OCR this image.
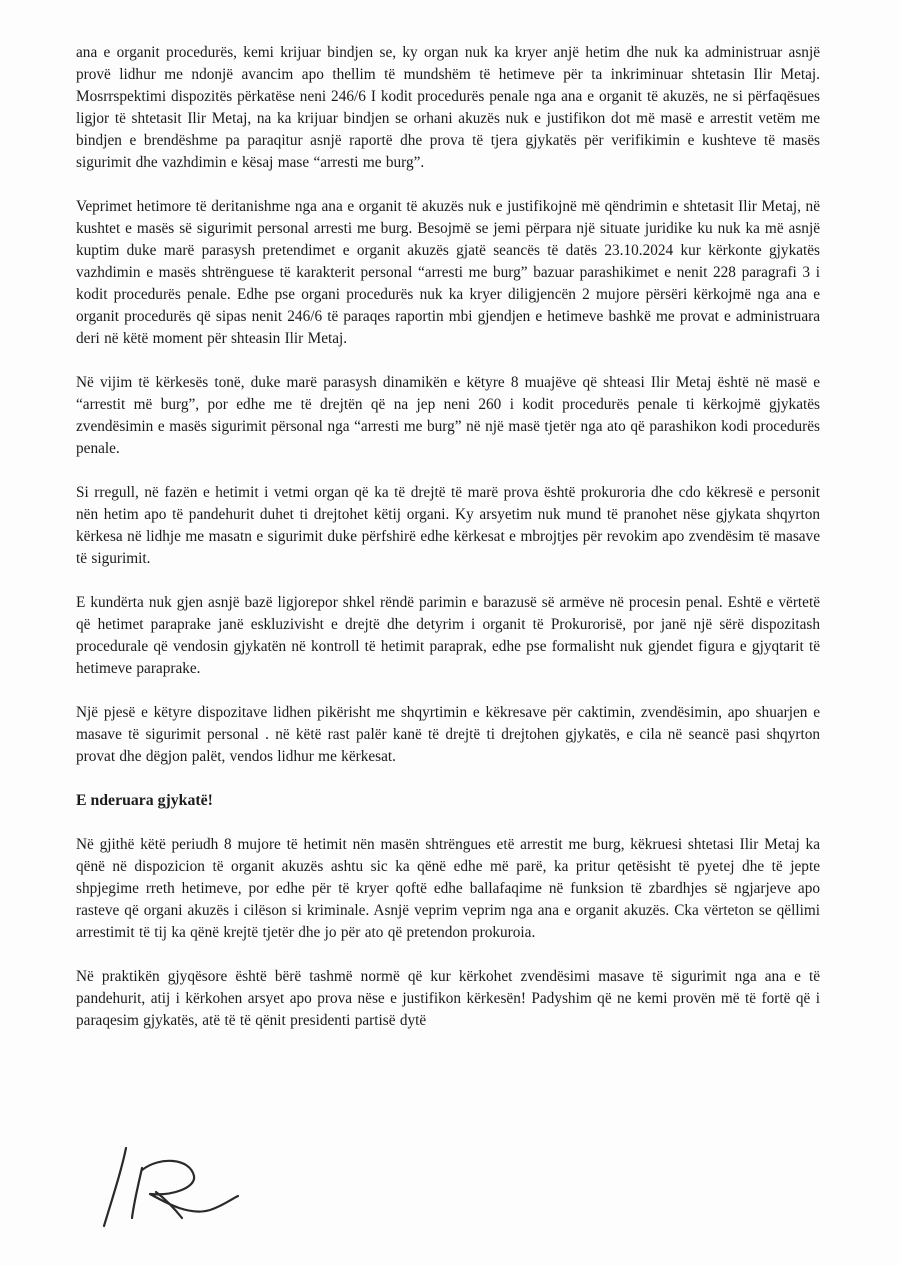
ana e organit procedurës, kemi krijuar bindjen se, ky organ nuk ka kryer anjë hetim dhe nuk ka administruar asnjë provë lidhur me ndonjë avancim apo thellim të mundshëm të hetimeve për ta inkriminuar shtetasin Ilir Metaj. Mosrrspektimi dispozitës përkatëse neni 246/6 I kodit procedurës penale nga ana e organit të akuzës, ne si përfaqësues ligjor të shtetasit Ilir Metaj, na ka krijuar bindjen se orhani akuzës nuk e justifikon dot më masë e arrestit vetëm me bindjen e brendëshme pa paraqitur asnjë raportë dhe prova të tjera gjykatës për verifikimin e kushteve të masës sigurimit dhe vazhdimin e kësaj mase “arresti me burg”.

Veprimet hetimore të deritanishme nga ana e organit të akuzës nuk e justifikojnë më qëndrimin e shtetasit Ilir Metaj, në kushtet e masës së sigurimit personal arresti me burg. Besojmë se jemi përpara një situate juridike ku nuk ka më asnjë kuptim duke marë parasysh pretendimet e organit akuzës gjatë seancës të datës 23.10.2024 kur kërkonte gjykatës vazhdimin e masës shtrënguese të karakterit personal “arresti me burg” bazuar parashikimet e nenit 228 paragrafi 3 i kodit procedurës penale. Edhe pse organi procedurës nuk ka kryer diligjencën 2 mujore përsëri kërkojmë nga ana e organit procedurës që sipas nenit 246/6 të paraqes raportin mbi gjendjen e hetimeve bashkë me provat e administruara deri në këtë moment për shteasin Ilir Metaj.

Në vijim të kërkesës tonë, duke marë parasysh dinamikën e këtyre 8 muajëve që shteasi Ilir Metaj është në masë e “arrestit më burg”, por edhe me të drejtën që na jep neni 260 i kodit procedurës penale ti kërkojmë gjykatës zvendësimin e masës sigurimit përsonal nga “arresti me burg” në një masë tjetër nga ato që parashikon kodi procedurës penale.

Si rregull, në fazën e hetimit i vetmi organ që ka të drejtë të marë prova është prokuroria dhe cdo këkresë e personit nën hetim apo të pandehurit duhet ti drejtohet këtij organi. Ky arsyetim nuk mund të pranohet nëse gjykata shqyrton kërkesa në lidhje me masatn e sigurimit duke përfshirë edhe kërkesat e mbrojtjes për revokim apo zvendësim të masave të sigurimit.

E kundërta nuk gjen asnjë bazë ligjorepor shkel rëndë parimin e barazusë së armëve në procesin penal. Eshtë e vërtetë që hetimet paraprake janë eskluzivisht e drejtë dhe detyrim i organit të Prokurorisë, por janë një sërë dispozitash procedurale që vendosin gjykatën në kontroll të hetimit paraprak, edhe pse formalisht nuk gjendet figura e gjyqtarit të hetimeve paraprake.

Një pjesë e këtyre dispozitave lidhen pikërisht me shqyrtimin e këkresave për caktimin, zvendësimin, apo shuarjen e masave të sigurimit personal . në këtë rast palër kanë të drejtë ti drejtohen gjykatës, e cila në seancë pasi shqyrton provat dhe dëgjon palët, vendos lidhur me kërkesat.

E nderuara gjykatë!

Në gjithë këtë periudh 8 mujore të hetimit nën masën shtrëngues etë arrestit me burg, këkruesi shtetasi Ilir Metaj ka qënë në dispozicion të organit akuzës ashtu sic ka qënë edhe më parë, ka pritur qetësisht të pyetej dhe të jepte shpjegime rreth hetimeve, por edhe për të kryer qoftë edhe ballafaqime në funksion të zbardhjes së ngjarjeve apo rasteve që organi akuzës i cilëson si kriminale. Asnjë veprim veprim nga ana e organit akuzës. Cka vërteton se qëllimi arrestimit të tij ka qënë krejtë tjetër dhe jo për ato që pretendon prokuroia.

Në praktikën gjyqësore është bërë tashmë normë që kur kërkohet zvendësimi masave të sigurimit nga ana e të pandehurit, atij i kërkohen arsyet apo prova nëse e justifikon kërkesën! Padyshim që ne kemi provën më të fortë që i paraqesim gjykatës, atë të të qënit presidenti partisë dytë
